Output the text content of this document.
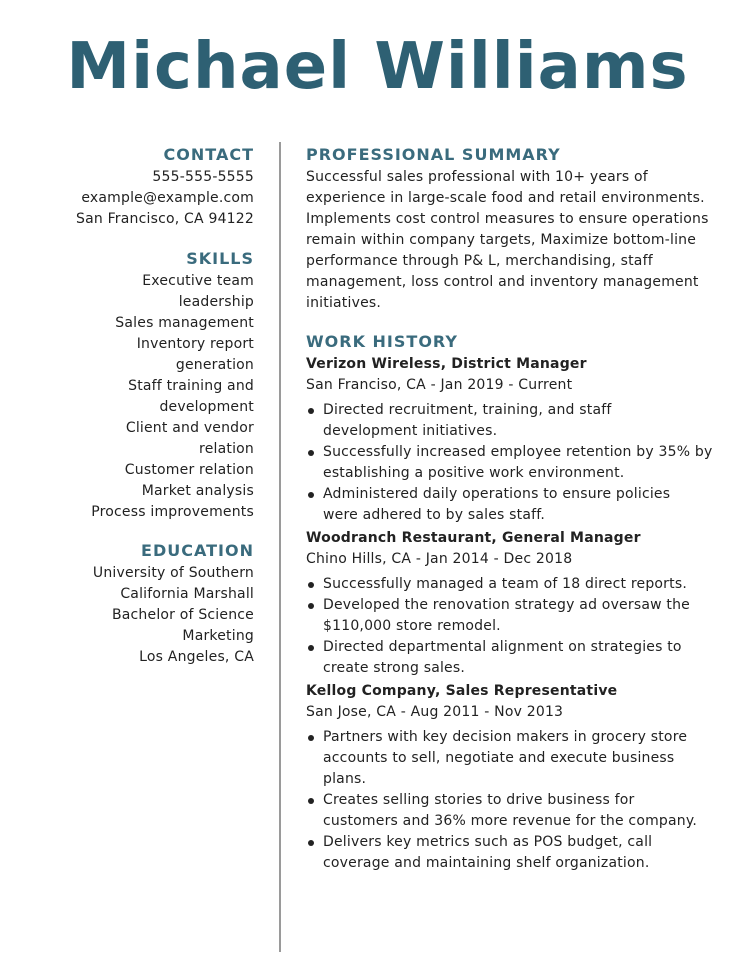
Michael Williams
CONTACT
555-555-5555
example@example.com
San Francisco, CA 94122
SKILLS
Executive team
leadership
Sales management
Inventory report
generation
Staff training and
development
Client and vendor
relation
Customer relation
Market analysis
Process improvements
EDUCATION
University of Southern
California Marshall
Bachelor of Science
Marketing
Los Angeles, CA
PROFESSIONAL SUMMARY
Successful sales professional with 10+ years of
experience in large-scale food and retail environments.
Implements cost control measures to ensure operations
remain within company targets, Maximize bottom-line
performance through P& L, merchandising, staff
management, loss control and inventory management
initiatives.
WORK HISTORY
Verizon Wireless, District Manager
San Franciso, CA - Jan 2019 - Current
Directed recruitment, training, and staff
development initiatives.
Successfully increased employee retention by 35% by
establishing a positive work environment.
Administered daily operations to ensure policies
were adhered to by sales staff.
Woodranch Restaurant, General Manager
Chino Hills, CA - Jan 2014 - Dec 2018
Successfully managed a team of 18 direct reports.
Developed the renovation strategy ad oversaw the
$110,000 store remodel.
Directed departmental alignment on strategies to
create strong sales.
Kellog Company, Sales Representative
San Jose, CA - Aug 2011 - Nov 2013
Partners with key decision makers in grocery store
accounts to sell, negotiate and execute business
plans.
Creates selling stories to drive business for
customers and 36% more revenue for the company.
Delivers key metrics such as POS budget, call
coverage and maintaining shelf organization.
